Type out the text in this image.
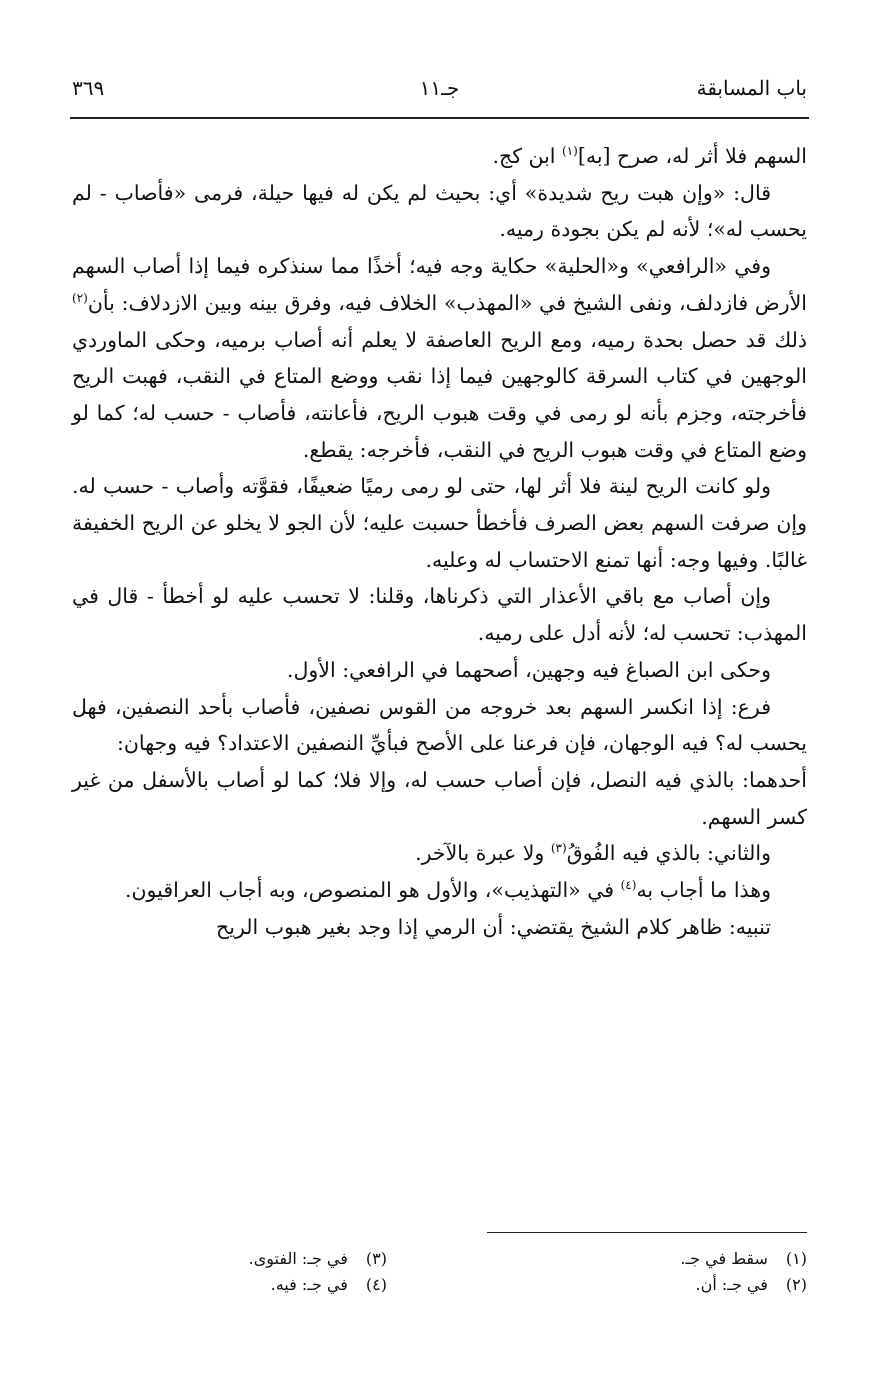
باب المسابقة
جـ١١
٣٦٩

السهم فلا أثر له، صرح [به]$^{(١)}$ ابن كج.

قال: «وإن هبت ريح شديدة» أي: بحيث لم يكن له فيها حيلة، فرمى «فأصاب - لم يحسب له»؛ لأنه لم يكن بجودة رميه.

وفي «الرافعي» و«الحلية» حكاية وجه فيه؛ أخذًا مما سنذكره فيما إذا أصاب السهم الأرض فازدلف، ونفى الشيخ في «المهذب» الخلاف فيه، وفرق بينه وبين الازدلاف: بأن$^{(٢)}$ ذلك قد حصل بحدة رميه، ومع الريح العاصفة لا يعلم أنه أصاب برميه، وحكى الماوردي الوجهين في كتاب السرقة كالوجهين فيما إذا نقب ووضع المتاع في النقب، فهبت الريح فأخرجته، وجزم بأنه لو رمى في وقت هبوب الريح، فأعانته، فأصاب - حسب له؛ كما لو وضع المتاع في وقت هبوب الريح في النقب، فأخرجه: يقطع.

ولو كانت الريح لينة فلا أثر لها، حتى لو رمى رميًا ضعيفًا، فقوَّته وأصاب - حسب له. وإن صرفت السهم بعض الصرف فأخطأ حسبت عليه؛ لأن الجو لا يخلو عن الريح الخفيفة غالبًا. وفيها وجه: أنها تمنع الاحتساب له وعليه.

وإن أصاب مع باقي الأعذار التي ذكرناها، وقلنا: لا تحسب عليه لو أخطأ - قال في المهذب: تحسب له؛ لأنه أدل على رميه.

وحكى ابن الصباغ فيه وجهين، أصحهما في الرافعي: الأول.

فرع: إذا انكسر السهم بعد خروجه من القوس نصفين، فأصاب بأحد النصفين، فهل يحسب له؟ فيه الوجهان، فإن فرعنا على الأصح فبأيِّ النصفين الاعتداد؟ فيه وجهان:

أحدهما: بالذي فيه النصل، فإن أصاب حسب له، وإلا فلا؛ كما لو أصاب بالأسفل من غير كسر السهم.

والثاني: بالذي فيه الفُوقُ$^{(٣)}$ ولا عبرة بالآخر.

وهذا ما أجاب به$^{(٤)}$ في «التهذيب»، والأول هو المنصوص، وبه أجاب العراقيون.

تنبيه: ظاهر كلام الشيخ يقتضي: أن الرمي إذا وجد بغير هبوب الريح

(١) سقط في جـ.
(٢) في جـ: أن.
(٣) في جـ: الفتوى.
(٤) في جـ: فيه.
